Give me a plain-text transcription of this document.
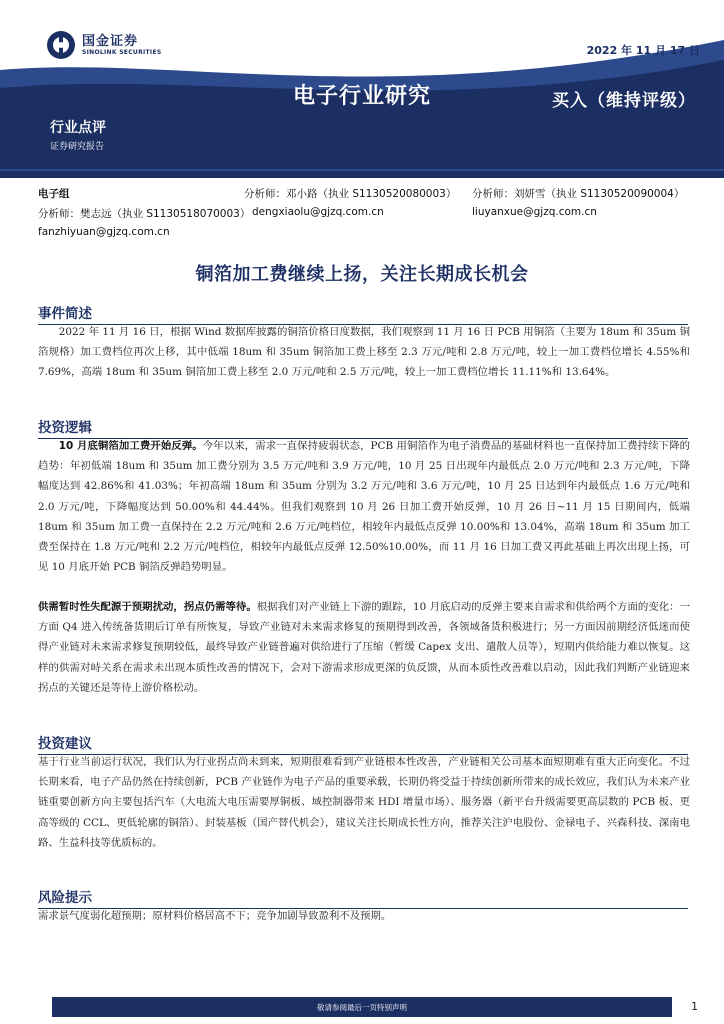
国金证券
SINOLINK SECURITIES	2022 年 11 月 17 日
电子行业研究	买入（维持评级）
行业点评
证券研究报告
电子组	分析师：邓小路（执业 S1130520080003） 分析师：刘妍雪（执业 S1130520090004）
分析师：樊志远（执业 S1130518070003） dengxiaolu@gjzq.com.cn	liuyanxue@gjzq.com.cn
fanzhiyuan@gjzq.com.cn
铜箔加工费继续上扬，关注长期成长机会
事件简述

2022 年 11 月 16 日，根据 Wind 数据库披露的铜箔价格日度数据，我们观察到 11 月 16 日 PCB 用铜箔（主要为 18um 和 35um 铜箔规格）加工费档位再次上移，其中低端 18um 和 35um 铜箔加工费上移至 2.3 万元/吨和 2.8 万元/吨，较上一加工费档位增长 4.55%和 7.69%，高端 18um 和 35um 铜箔加工费上移至 2.0 万元/吨和 2.5 万元/吨，较上一加工费档位增长 11.11%和 13.64%。

投资逻辑

10 月底铜箔加工费开始反弹。今年以来，需求一直保持疲弱状态，PCB 用铜箔作为电子消费品的基础材料也一直保持加工费持续下降的趋势：年初低端 18um 和 35um 加工费分别为 3.5 万元/吨和 3.9 万元/吨，10 月 25 日出现年内最低点 2.0 万元/吨和 2.3 万元/吨，下降幅度达到 42.86%和 41.03%；年初高端 18um 和 35um 分别为 3.2 万元/吨和 3.6 万元/吨，10 月 25 日达到年内最低点 1.6 万元/吨和 2.0 万元/吨，下降幅度达到 50.00%和 44.44%。但我们观察到 10 月 26 日加工费开始反弹，10 月 26 日~11 月 15 日期间内，低端 18um 和 35um 加工费一直保持在 2.2 万元/吨和 2.6 万元/吨档位，相较年内最低点反弹 10.00%和 13.04%，高端 18um 和 35um 加工费至保持在 1.8 万元/吨和 2.2 万元/吨档位，相较年内最低点反弹 12.50%10.00%，而 11 月 16 日加工费又再此基础上再次出现上扬，可见 10 月底开始 PCB 铜箔反弹趋势明显。

供需暂时性失配源于预期扰动，拐点仍需等待。根据我们对产业链上下游的跟踪，10 月底启动的反弹主要来自需求和供给两个方面的变化：一方面 Q4 进入传统备货期后订单有所恢复，导致产业链对未来需求修复的预期得到改善，各领域备货积极进行；另一方面因前期经济低迷而使得产业链对未来需求修复预期较低，最终导致产业链普遍对供给进行了压缩（暂缓 Capex 支出、遣散人员等），短期内供给能力难以恢复。这样的供需对峙关系在需求未出现本质性改善的情况下，会对下游需求形成更深的负反馈，从而本质性改善难以启动，因此我们判断产业链迎来拐点的关键还是等待上游价格松动。

投资建议

基于行业当前运行状况，我们认为行业拐点尚未到来，短期很难看到产业链根本性改善，产业链相关公司基本面短期难有重大正向变化。不过长期来看，电子产品仍然在持续创新，PCB 产业链作为电子产品的重要承载，长期仍将受益于持续创新所带来的成长效应，我们认为未来产业链重要创新方向主要包括汽车（大电流大电压需要厚铜板、域控制器带来 HDI 增量市场）、服务器（新平台升级需要更高层数的 PCB 板、更高等级的 CCL、更低轮廓的铜箔）、封装基板（国产替代机会），建议关注长期成长性方向，推荐关注沪电股份、金禄电子、兴森科技、深南电路、生益科技等优质标的。

风险提示

需求景气度弱化超预期；原材料价格居高不下；竞争加剧导致盈利不及预期。

敬请参阅最后一页特别声明	1
